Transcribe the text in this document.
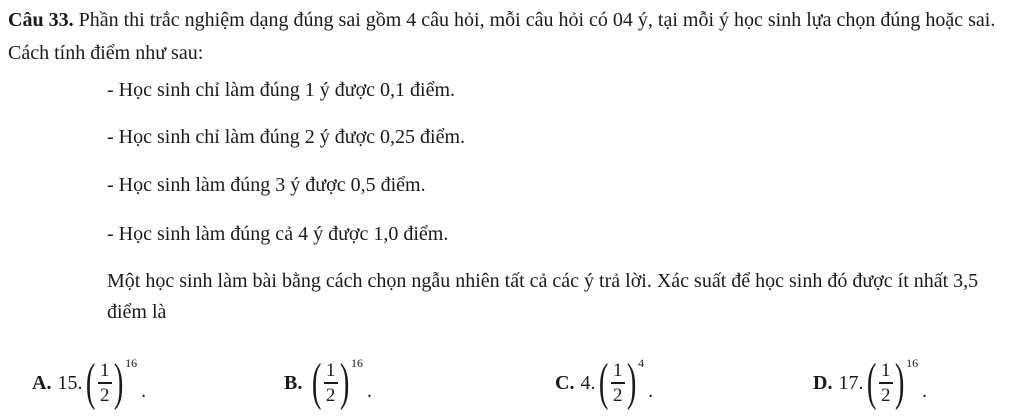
Câu 33. Phần thi trắc nghiệm dạng đúng sai gồm 4 câu hỏi, mỗi câu hỏi có 04 ý, tại mỗi ý học sinh lựa chọn đúng hoặc sai. Cách tính điểm như sau:
- Học sinh chỉ làm đúng 1 ý được 0,1 điểm.
- Học sinh chỉ làm đúng 2 ý được 0,25 điểm.
- Học sinh làm đúng 3 ý được 0,5 điểm.
- Học sinh làm đúng cả 4 ý được 1,0 điểm.
Một học sinh làm bài bằng cách chọn ngẫu nhiên tất cả các ý trả lời. Xác suất để học sinh đó được ít nhất 3,5 điểm là
A. 15. ( $\frac{1}{2}$ ) 16
.	B. ( $\frac{1}{2}$ ) 16
.	C. 4. ( $\frac{1}{2}$ ) 4
.	D. 17. ( $\frac{1}{2}$ ) 16
.
